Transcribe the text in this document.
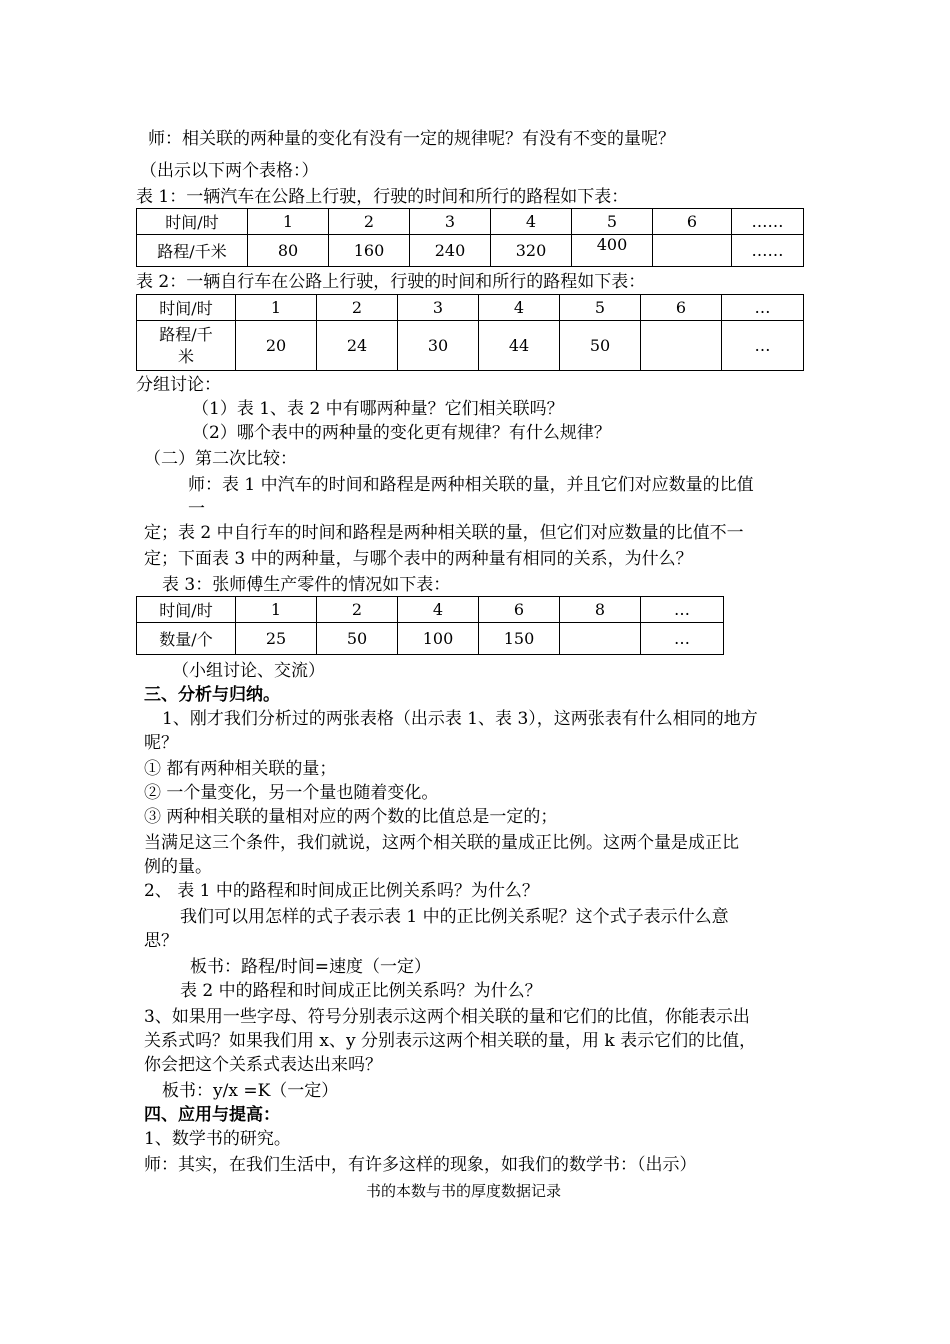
师：相关联的两种量的变化有没有一定的规律呢？有没有不变的量呢？
（出示以下两个表格：）
表 1：一辆汽车在公路上行驶，行驶的时间和所行的路程如下表：
时间/时	1	2	3	4	5	6	……
路程/千米	80	160	240	320	400		……
表 2：一辆自行车在公路上行驶，行驶的时间和所行的路程如下表：
时间/时	1	2	3	4	5	6	…
路程/千
米	20	24	30	44	50		…
分组讨论：
（1）表 1、表 2 中有哪两种量？它们相关联吗？
（2）哪个表中的两种量的变化更有规律？有什么规律？
（二）第二次比较：
师：表 1 中汽车的时间和路程是两种相关联的量，并且它们对应数量的比值
一
定；表 2 中自行车的时间和路程是两种相关联的量，但它们对应数量的比值不一
定；下面表 3 中的两种量，与哪个表中的两种量有相同的关系，为什么？
表 3：张师傅生产零件的情况如下表：
时间/时	1	2	4	6	8	…
数量/个	25	50	100	150		…
（小组讨论、交流）
三、分析与归纳。
1、刚才我们分析过的两张表格（出示表 1、表 3），这两张表有什么相同的地方
呢？
① 都有两种相关联的量；
② 一个量变化，另一个量也随着变化。
③ 两种相关联的量相对应的两个数的比值总是一定的；
当满足这三个条件，我们就说，这两个相关联的量成正比例。这两个量是成正比
例的量。
2、 表 1 中的路程和时间成正比例关系吗？为什么？
我们可以用怎样的式子表示表 1 中的正比例关系呢？这个式子表示什么意
思？
板书：路程/时间=速度（一定）
表 2 中的路程和时间成正比例关系吗？为什么？
3、如果用一些字母、符号分别表示这两个相关联的量和它们的比值，你能表示出
关系式吗？如果我们用 x、y 分别表示这两个相关联的量，用 k 表示它们的比值，
你会把这个关系式表达出来吗？
板书：y/x =K（一定）
四、应用与提高：
1、数学书的研究。
师：其实，在我们生活中，有许多这样的现象，如我们的数学书：（出示）
书的本数与书的厚度数据记录
